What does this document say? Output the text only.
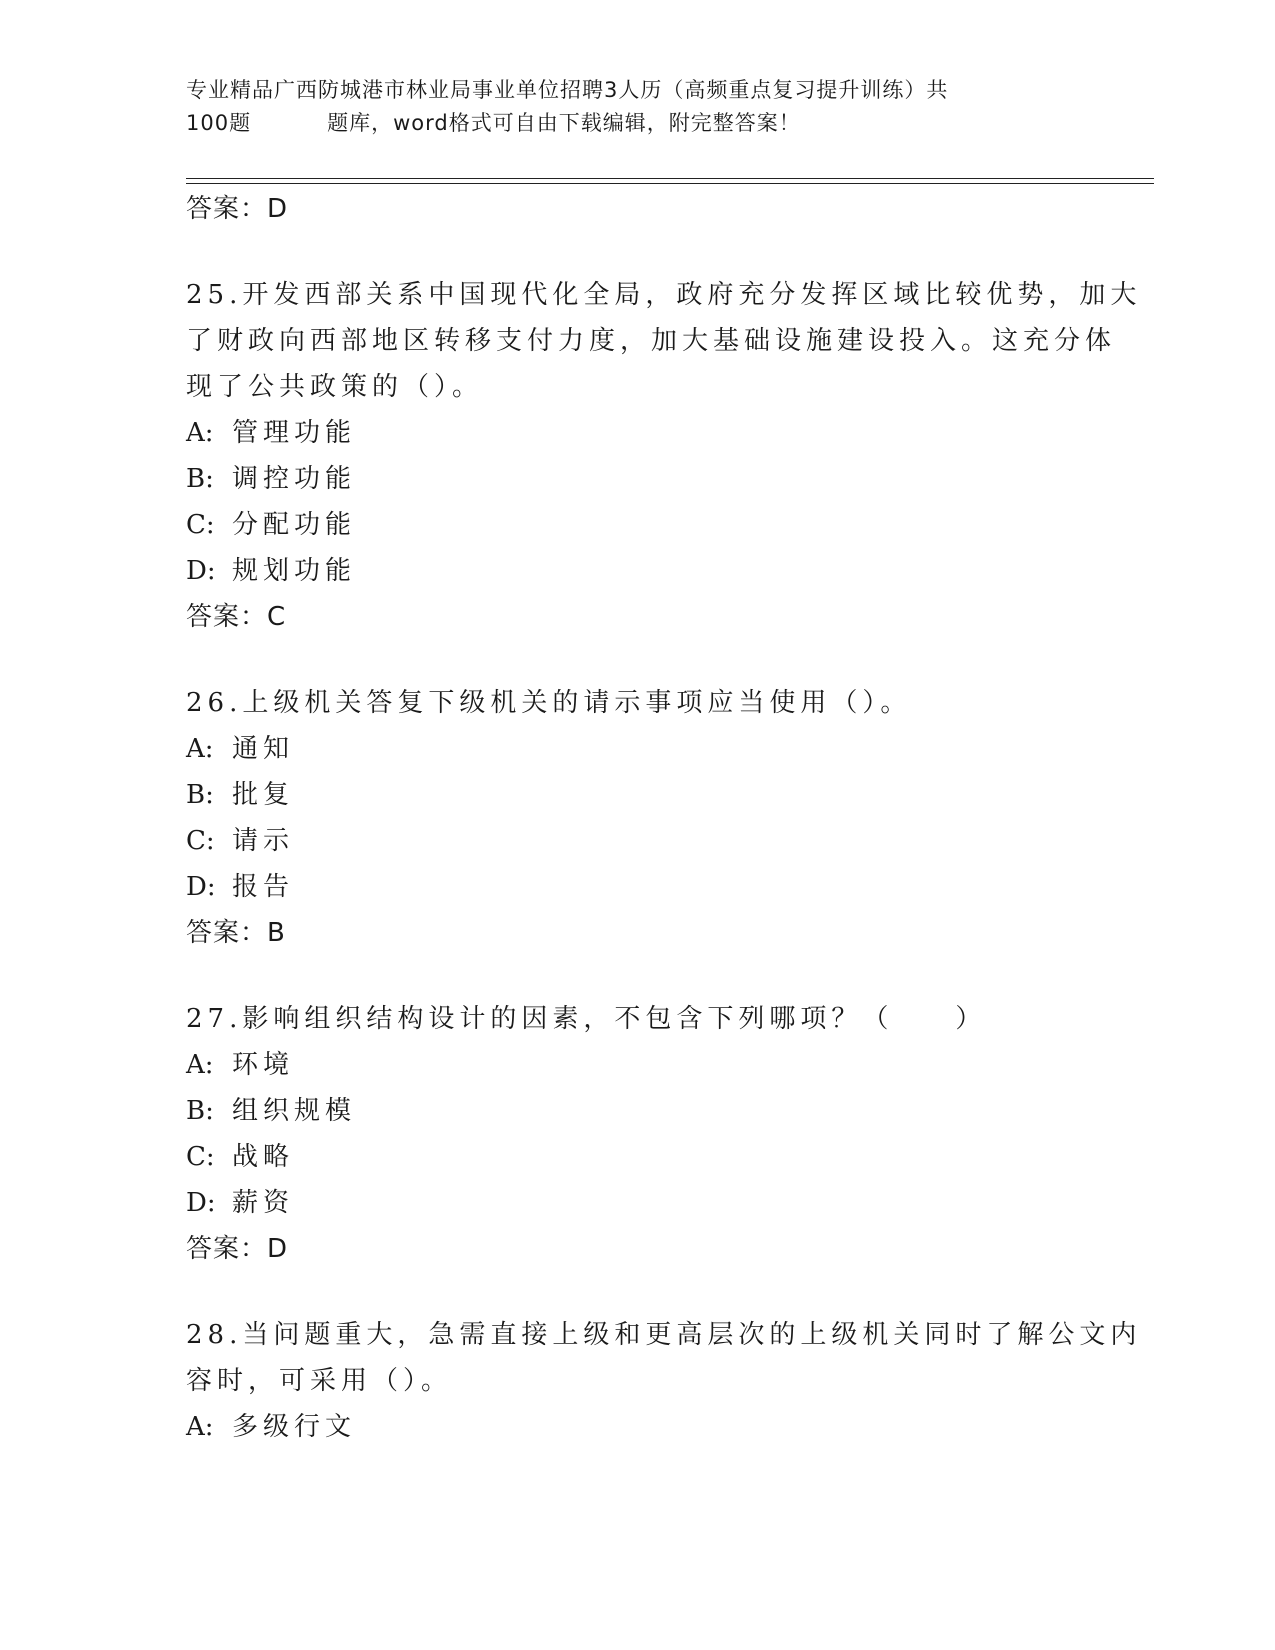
专业精品广西防城港市林业局事业单位招聘3人历（高频重点复习提升训练）共
100题	题库，word格式可自由下载编辑，附完整答案！
答案：D
25.开发西部关系中国现代化全局，政府充分发挥区域比较优势，加大
了财政向西部地区转移支付力度，加大基础设施建设投入。这充分体
现了公共政策的（）。
A: 管理功能
B: 调控功能
C: 分配功能
D: 规划功能
答案：C
26.上级机关答复下级机关的请示事项应当使用（）。
A: 通知
B: 批复
C: 请示
D: 报告
答案：B
27.影响组织结构设计的因素，不包含下列哪项？（　　）
A: 环境
B: 组织规模
C: 战略
D: 薪资
答案：D
28.当问题重大，急需直接上级和更高层次的上级机关同时了解公文内
容时，可采用（）。
A: 多级行文
